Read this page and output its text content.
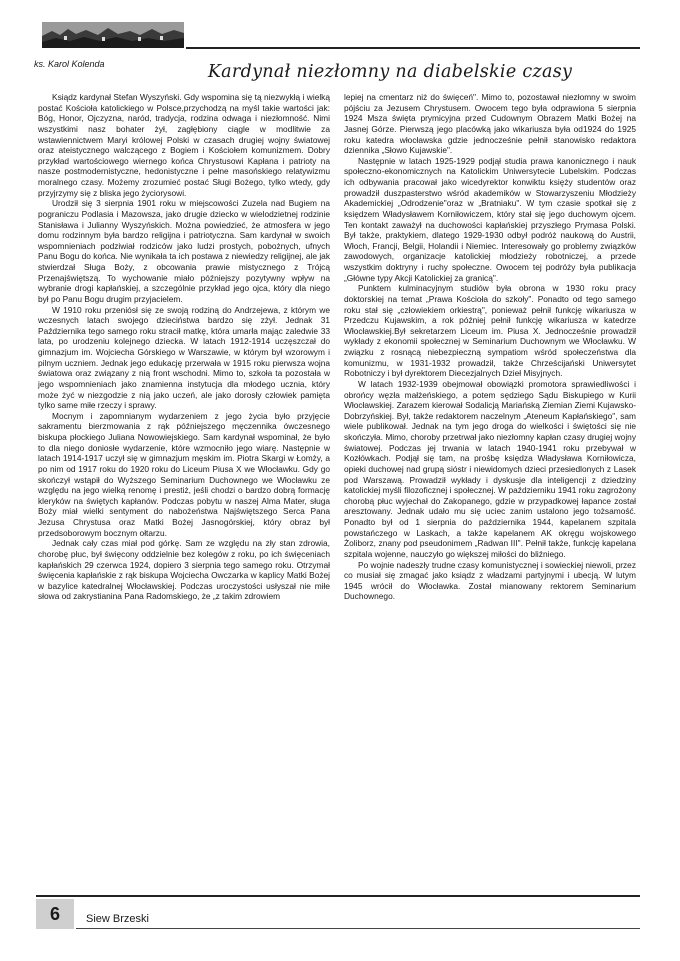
ks. Karol Kolenda	Kardynał niezłomny na diabelskie czasy

Ksiądz kardynał Stefan Wyszyński. Gdy wspomina się tą niezwykłą i wielką postać Kościoła katolickiego w Polsce,przychodzą na myśl takie wartości jak: Bóg, Honor, Ojczyzna, naród, tradycja, rodzina odwaga i niezłomność. Nimi wszystkimi nasz bohater żył, zagłębiony ciągle w modlitwie za wstawiennictwem Maryi królowej Polski w czasach drugiej wojny światowej oraz ateistycznego walczącego z Bogiem i Kościołem komunizmem. Dobry przykład wartościowego wiernego końca Chrystusowi Kapłana i patrioty na nasze postmodernistyczne, hedonistyczne i pełne masońskiego relatywizmu moralnego czasy. Możemy zrozumieć postać Sługi Bożego, tylko wtedy, gdy przyjrzymy się z bliska jego życiorysowi.

Urodził się 3 sierpnia 1901 roku w miejscowości Zuzela nad Bugiem na pograniczu Podlasia i Mazowsza, jako drugie dziecko w wielodzietnej rodzinie Stanisława i Julianny Wyszyńskich. Można powiedzieć, że atmosfera w jego domu rodzinnym była bardzo religijna i patriotyczna. Sam kardynał w swoich wspomnieniach podziwiał rodziców jako ludzi prostych, pobożnych, ufnych Panu Bogu do końca. Nie wynikała ta ich postawa z niewiedzy religijnej, ale jak stwierdzał Sługa Boży, z obcowania prawie mistycznego z Trójcą Przenajświętszą. To wychowanie miało późniejszy pozytywny wpływ na wybranie drogi kapłańskiej, a szczególnie przykład jego ojca, który dla niego był po Panu Bogu drugim przyjacielem.

W 1910 roku przeniósł się ze swoją rodziną do Andrzejewa, z którym we wczesnych latach swojego dzieciństwa bardzo się zżył. Jednak 31 Października tego samego roku stracił matkę, która umarła mając zaledwie 33 lata, po urodzeniu kolejnego dziecka. W latach 1912-1914 uczęszczał do gimnazjum im. Wojciecha Górskiego w Warszawie, w którym był wzorowym i pilnym uczniem. Jednak jego edukację przerwała w 1915 roku pierwsza wojna światowa oraz związany z nią front wschodni. Mimo to, szkoła ta pozostała w jego wspomnieniach jako znamienna instytucja dla młodego ucznia, który może żyć w niezgodzie z nią jako uczeń, ale jako dorosły człowiek pamięta tylko same miłe rzeczy i sprawy.

Mocnym i zapomnianym wydarzeniem z jego życia było przyjęcie sakramentu bierzmowania z rąk późniejszego męczennika ówczesnego biskupa płockiego Juliana Nowowiejskiego. Sam kardynał wspominał, że było to dla niego doniosłe wydarzenie, które wzmocniło jego wiarę. Następnie w latach 1914-1917 uczył się w gimnazjum męskim im. Piotra Skargi w Łomży, a po nim od 1917 roku do 1920 roku do Liceum Piusa X we Włocławku. Gdy go skończył wstąpił do Wyższego Seminarium Duchownego we Włocławku ze względu na jego wielką renomę i prestiż, jeśli chodzi o bardzo dobrą formację kleryków na świętych kapłanów. Podczas pobytu w naszej Alma Mater, sługa Boży miał wielki sentyment do nabożeństwa Najświętszego Serca Pana Jezusa Chrystusa oraz Matki Bożej Jasnogórskiej, który obraz był przedsoborowym bocznym ołtarzu.

Jednak cały czas miał pod górkę. Sam ze względu na zły stan zdrowia, chorobę płuc, był święcony oddzielnie bez kolegów z roku, po ich święceniach kapłańskich 29 czerwca 1924, dopiero 3 sierpnia tego samego roku. Otrzymał święcenia kapłańskie z rąk biskupa Wojciecha Owczarka w kaplicy Matki Bożej w bazylice katedralnej Włocławskiej. Podczas uroczystości usłyszał nie miłe słowa od zakrystianina Pana Radomskiego, że „z takim zdrowiem

lepiej na cmentarz niż do święceń". Mimo to, pozostawał niezłomny w swoim pójściu za Jezusem Chrystusem. Owocem tego była odprawiona 5 sierpnia 1924 Msza święta prymicyjna przed Cudownym Obrazem Matki Bożej na Jasnej Górze. Pierwszą jego placówką jako wikariusza była od1924 do 1925 roku katedra włocławska gdzie jednocześnie pełnił stanowisko redaktora dziennika „Słowo Kujawskie".

Następnie w latach 1925-1929 podjął studia prawa kanonicznego i nauk społeczno-ekonomicznych na Katolickim Uniwersytecie Lubelskim. Podczas ich odbywania pracował jako wicedyrektor konwiktu księży studentów oraz prowadził duszpasterstwo wśród akademików w Stowarzyszeniu Młodzieży Akademickiej „Odrodzenie"oraz w „Bratniaku". W tym czasie spotkał się z księdzem Władysławem Korniłowiczem, który stał się jego duchowym ojcem. Ten kontakt zaważył na duchowości kapłańskiej przyszłego Prymasa Polski. Był także, praktykiem, dlatego 1929-1930 odbył podróż naukową do Austrii, Włoch, Francji, Belgii, Holandii i Niemiec. Interesowały go problemy związków zawodowych, organizacje katolickiej młodzieży robotniczej, a przede wszystkim doktryny i ruchy społeczne. Owocem tej podróży była publikacja „Główne typy Akcji Katolickiej za granicą".

Punktem kulminacyjnym studiów była obrona w 1930 roku pracy doktorskiej na temat „Prawa Kościoła do szkoły". Ponadto od tego samego roku stał się „człowiekiem orkiestrą", ponieważ pełnił funkcję wikariusza w Przedczu Kujawskim, a rok później pełnił funkcję wikariusza w katedrze Włocławskiej.Był sekretarzem Liceum im. Piusa X. Jednocześnie prowadził wykłady z ekonomii społecznej w Seminarium Duchownym we Włocławku. W związku z rosnącą niebezpieczną sympatiom wśród społeczeństwa dla komunizmu, w 1931-1932 prowadził, także Chrześcijański Uniwersytet Robotniczy i był dyrektorem Diecezjalnych Dzieł Misyjnych.

W latach 1932-1939 obejmował obowiązki promotora sprawiedliwości i obrońcy węzła małżeńskiego, a potem sędziego Sądu Biskupiego w Kurii Włocławskiej. Zarazem kierował Sodalicją Mariańską Ziemian Ziemi Kujawsko-Dobrzyńskiej. Był, także redaktorem naczelnym „Ateneum Kapłańskiego", sam wiele publikował. Jednak na tym jego droga do wielkości i świętości się nie skończyła. Mimo, choroby przetrwał jako niezłomny kapłan czasy drugiej wojny światowej. Podczas jej trwania w latach 1940-1941 roku przebywał w Kozłówkach. Podjął się tam, na prośbę księdza Władysława Korniłowicza, opieki duchowej nad grupą sióstr i niewidomych dzieci przesiedlonych z Lasek pod Warszawą. Prowadził wykłady i dyskusje dla inteligencji z dziedziny katolickiej myśli filozoficznej i społecznej. W październiku 1941 roku zagrożony chorobą płuc wyjechał do Zakopanego, gdzie w przypadkowej łapance został aresztowany. Jednak udało mu się uciec zanim ustalono jego tożsamość. Ponadto był od 1 sierpnia do października 1944, kapelanem szpitala powstańczego w Laskach, a także kapelanem AK okręgu wojskowego Żoliborz, znany pod pseudonimem „Radwan III". Pełnił także, funkcję kapelana szpitala wojenne, nauczyło go większej miłości do bliźniego.

Po wojnie nadeszły trudne czasy komunistycznej i sowieckiej niewoli, przez co musiał się zmagać jako ksiądz z władzami partyjnymi i ubecją. W lutym 1945 wrócił do Włocławka. Został mianowany rektorem Seminarium Duchownego.

6	Siew Brzeski
